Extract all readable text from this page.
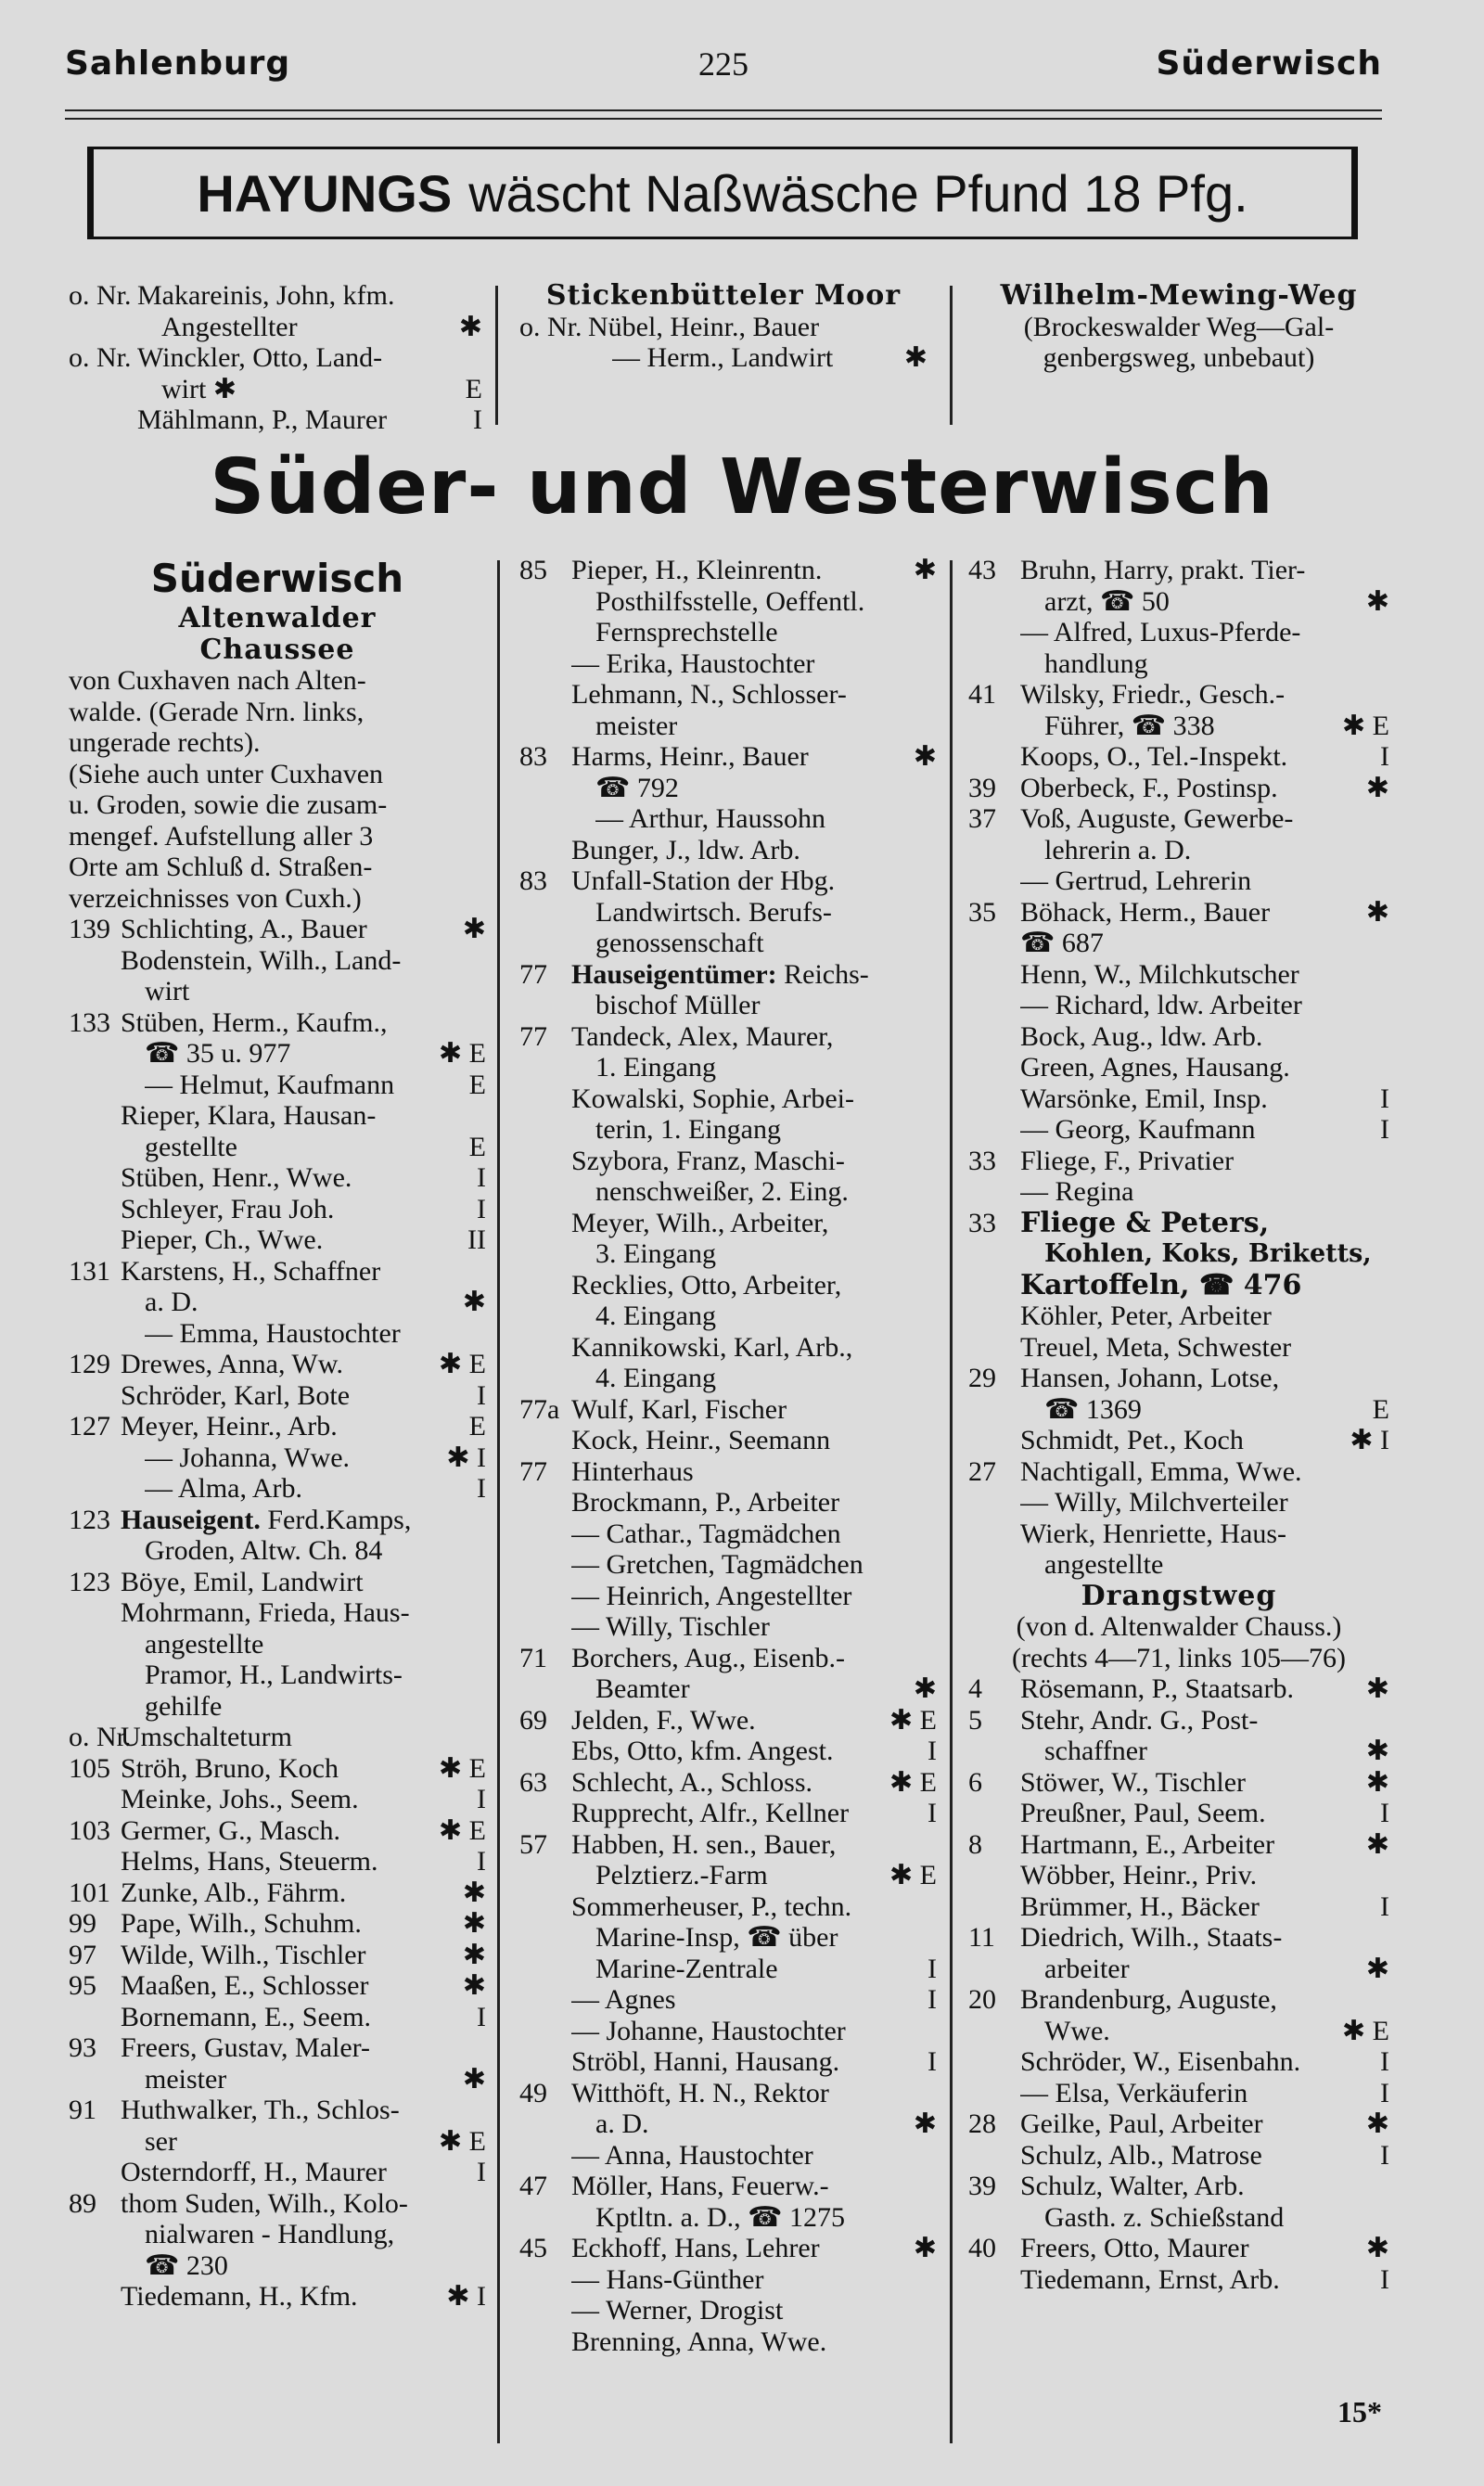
225
Sahlenburg	Süderwisch
HAYUNGS wäscht Naßwäsche Pfund 18 Pfg.
o. Nr. Makareinis, John, kfm.
Angestellter	✱
o. Nr. Winckler, Otto, Land-
wirt ✱	E
Mählmann, P., Maurer	I
Stickenbütteler Moor
o. Nr. Nübel, Heinr., Bauer
— Herm., Landwirt	✱
Wilhelm-Mewing-Weg
(Brockeswalder Weg—Gal-
genbergsweg, unbebaut)
Süder- und Westerwisch
Süderwisch
Altenwalder
Chaussee
von Cuxhaven nach Alten-
walde. (Gerade Nrn. links,
ungerade rechts).
(Siehe auch unter Cuxhaven
u. Groden, sowie die zusam-
mengef. Aufstellung aller 3
Orte am Schluß d. Straßen-
verzeichnisses von Cuxh.)
139 Schlichting, A., Bauer	✱
Bodenstein, Wilh., Land-
wirt
133 Stüben, Herm., Kaufm.,
☎ 35 u. 977	✱ E
— Helmut, Kaufmann	E
Rieper, Klara, Hausan-
gestellte	E
Stüben, Henr., Wwe.	I
Schleyer, Frau Joh.	I
Pieper, Ch., Wwe.	II
131 Karstens, H., Schaffner
a. D.	✱
— Emma, Haustochter
129 Drewes, Anna, Ww.	✱ E
Schröder, Karl, Bote	I
127 Meyer, Heinr., Arb.	E
— Johanna, Wwe.	✱ I
— Alma, Arb.	I
123 Hauseigent. Ferd.Kamps,
Groden, Altw. Ch. 84
123 Böye, Emil, Landwirt
Mohrmann, Frieda, Haus-
angestellte
Pramor, H., Landwirts-
gehilfe
o. Nr.
Umschalteturm
105 Ströh, Bruno, Koch	✱ E
Meinke, Johs., Seem.	I
103 Germer, G., Masch.	✱ E
Helms, Hans, Steuerm.	I
101 Zunke, Alb., Fährm.	✱
99 Pape, Wilh., Schuhm.	✱
97 Wilde, Wilh., Tischler	✱
95 Maaßen, E., Schlosser	✱
Bornemann, E., Seem.	I
93 Freers, Gustav, Maler-
meister	✱
91 Huthwalker, Th., Schlos-
ser	✱ E
Osterndorff, H., Maurer	I
89 thom Suden, Wilh., Kolo-
nialwaren - Handlung,
☎ 230
Tiedemann, H., Kfm.	✱ I
85 Pieper, H., Kleinrentn.	✱
Posthilfsstelle, Oeffentl.
Fernsprechstelle
— Erika, Haustochter
Lehmann, N., Schlosser-
meister
83 Harms, Heinr., Bauer	✱
☎ 792
— Arthur, Haussohn
Bunger, J., ldw. Arb.
83 Unfall-Station der Hbg.
Landwirtsch. Berufs-
genossenschaft
77 Hauseigentümer: Reichs-
bischof Müller
77 Tandeck, Alex, Maurer,
1. Eingang
Kowalski, Sophie, Arbei-
terin, 1. Eingang
Szybora, Franz, Maschi-
nenschweißer, 2. Eing.
Meyer, Wilh., Arbeiter,
3. Eingang
Recklies, Otto, Arbeiter,
4. Eingang
Kannikowski, Karl, Arb.,
4. Eingang
77a Wulf, Karl, Fischer
Kock, Heinr., Seemann
77 Hinterhaus
Brockmann, P., Arbeiter
— Cathar., Tagmädchen
— Gretchen, Tagmädchen
— Heinrich, Angestellter
— Willy, Tischler
71 Borchers, Aug., Eisenb.-
Beamter	✱
69 Jelden, F., Wwe.	✱ E
Ebs, Otto, kfm. Angest.	I
63 Schlecht, A., Schloss.	✱ E
Rupprecht, Alfr., Kellner	I
57 Habben, H. sen., Bauer,
Pelztierz.-Farm	✱ E
Sommerheuser, P., techn.
Marine-Insp, ☎ über
Marine-Zentrale	I
— Agnes	I
— Johanne, Haustochter
Ströbl, Hanni, Hausang.	I
49 Witthöft, H. N., Rektor
a. D.	✱
— Anna, Haustochter
47 Möller, Hans, Feuerw.-
Kptltn. a. D., ☎ 1275
45 Eckhoff, Hans, Lehrer	✱
— Hans-Günther
— Werner, Drogist
Brenning, Anna, Wwe.
43 Bruhn, Harry, prakt. Tier-
arzt, ☎ 50	✱
— Alfred, Luxus-Pferde-
handlung
41 Wilsky, Friedr., Gesch.-
Führer, ☎ 338	✱ E
Koops, O., Tel.-Inspekt.	I
39 Oberbeck, F., Postinsp.	✱
37 Voß, Auguste, Gewerbe-
lehrerin a. D.
— Gertrud, Lehrerin
35 Böhack, Herm., Bauer	✱
☎ 687
Henn, W., Milchkutscher
— Richard, ldw. Arbeiter
Bock, Aug., ldw. Arb.
Green, Agnes, Hausang.
Warsönke, Emil, Insp.	I
— Georg, Kaufmann	I
33 Fliege, F., Privatier
— Regina
33 Fliege & Peters,
Kohlen, Koks, Briketts,
Kartoffeln, ☎ 476
Köhler, Peter, Arbeiter
Treuel, Meta, Schwester
29 Hansen, Johann, Lotse,
☎ 1369	E
Schmidt, Pet., Koch	✱ I
27 Nachtigall, Emma, Wwe.
— Willy, Milchverteiler
Wierk, Henriette, Haus-
angestellte
Drangstweg
(von d. Altenwalder Chauss.)
(rechts 4—71, links 105—76)
4	Rösemann, P., Staatsarb.	✱
5	Stehr, Andr. G., Post-
schaffner	✱
6	Stöwer, W., Tischler	✱
Preußner, Paul, Seem.	I
8	Hartmann, E., Arbeiter	✱
Wöbber, Heinr., Priv.
Brümmer, H., Bäcker	I
11 Diedrich, Wilh., Staats-
arbeiter	✱
20 Brandenburg, Auguste,
Wwe.	✱ E
Schröder, W., Eisenbahn.	I
— Elsa, Verkäuferin	I
28 Geilke, Paul, Arbeiter	✱
Schulz, Alb., Matrose	I
39 Schulz, Walter, Arb.
Gasth. z. Schießstand
40 Freers, Otto, Maurer	✱
Tiedemann, Ernst, Arb.	I
15*
